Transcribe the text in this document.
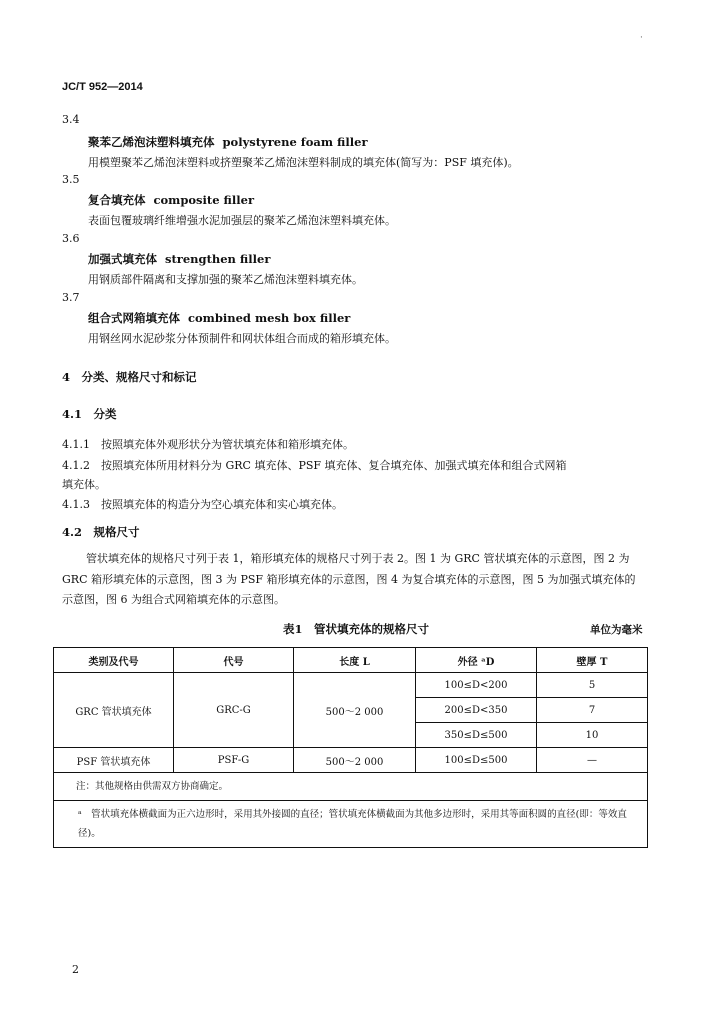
·
JC/T 952—2014
3.4
聚苯乙烯泡沫塑料填充体 polystyrene foam filler
用模塑聚苯乙烯泡沫塑料或挤塑聚苯乙烯泡沫塑料制成的填充体(简写为：PSF 填充体)。
3.5
复合填充体 composite filler
表面包覆玻璃纤维增强水泥加强层的聚苯乙烯泡沫塑料填充体。
3.6
加强式填充体 strengthen filler
用钢质部件隔离和支撑加强的聚苯乙烯泡沫塑料填充体。
3.7
组合式网箱填充体 combined mesh box filler
用钢丝网水泥砂浆分体预制件和网状体组合而成的箱形填充体。
4　分类、规格尺寸和标记
4.1　分类
4.1.1　按照填充体外观形状分为管状填充体和箱形填充体。
4.1.2　按照填充体所用材料分为 GRC 填充体、PSF 填充体、复合填充体、加强式填充体和组合式网箱
填充体。
4.1.3　按照填充体的构造分为空心填充体和实心填充体。
4.2　规格尺寸
管状填充体的规格尺寸列于表 1，箱形填充体的规格尺寸列于表 2。图 1 为 GRC 管状填充体的示意图，图 2 为 GRC 箱形填充体的示意图，图 3 为 PSF 箱形填充体的示意图，图 4 为复合填充体的示意图，图 5 为加强式填充体的示意图，图 6 为组合式网箱填充体的示意图。
表1　管状填充体的规格尺寸	单位为毫米
类别及代号	代号	长度 L	外径 ᵃD	壁厚 T
GRC 管状填充体	GRC-G	500～2 000	100≤D<200	5
			200≤D<350	7
			350≤D≤500	10
PSF 管状填充体	PSF-G	500～2 000	100≤D≤500	—
注：其他规格由供需双方协商确定。				
ᵃ　管状填充体横截面为正六边形时，采用其外接圆的直径；管状填充体横截面为其他多边形时，采用其等面积圆的直径(即：等效直径)。				
2
